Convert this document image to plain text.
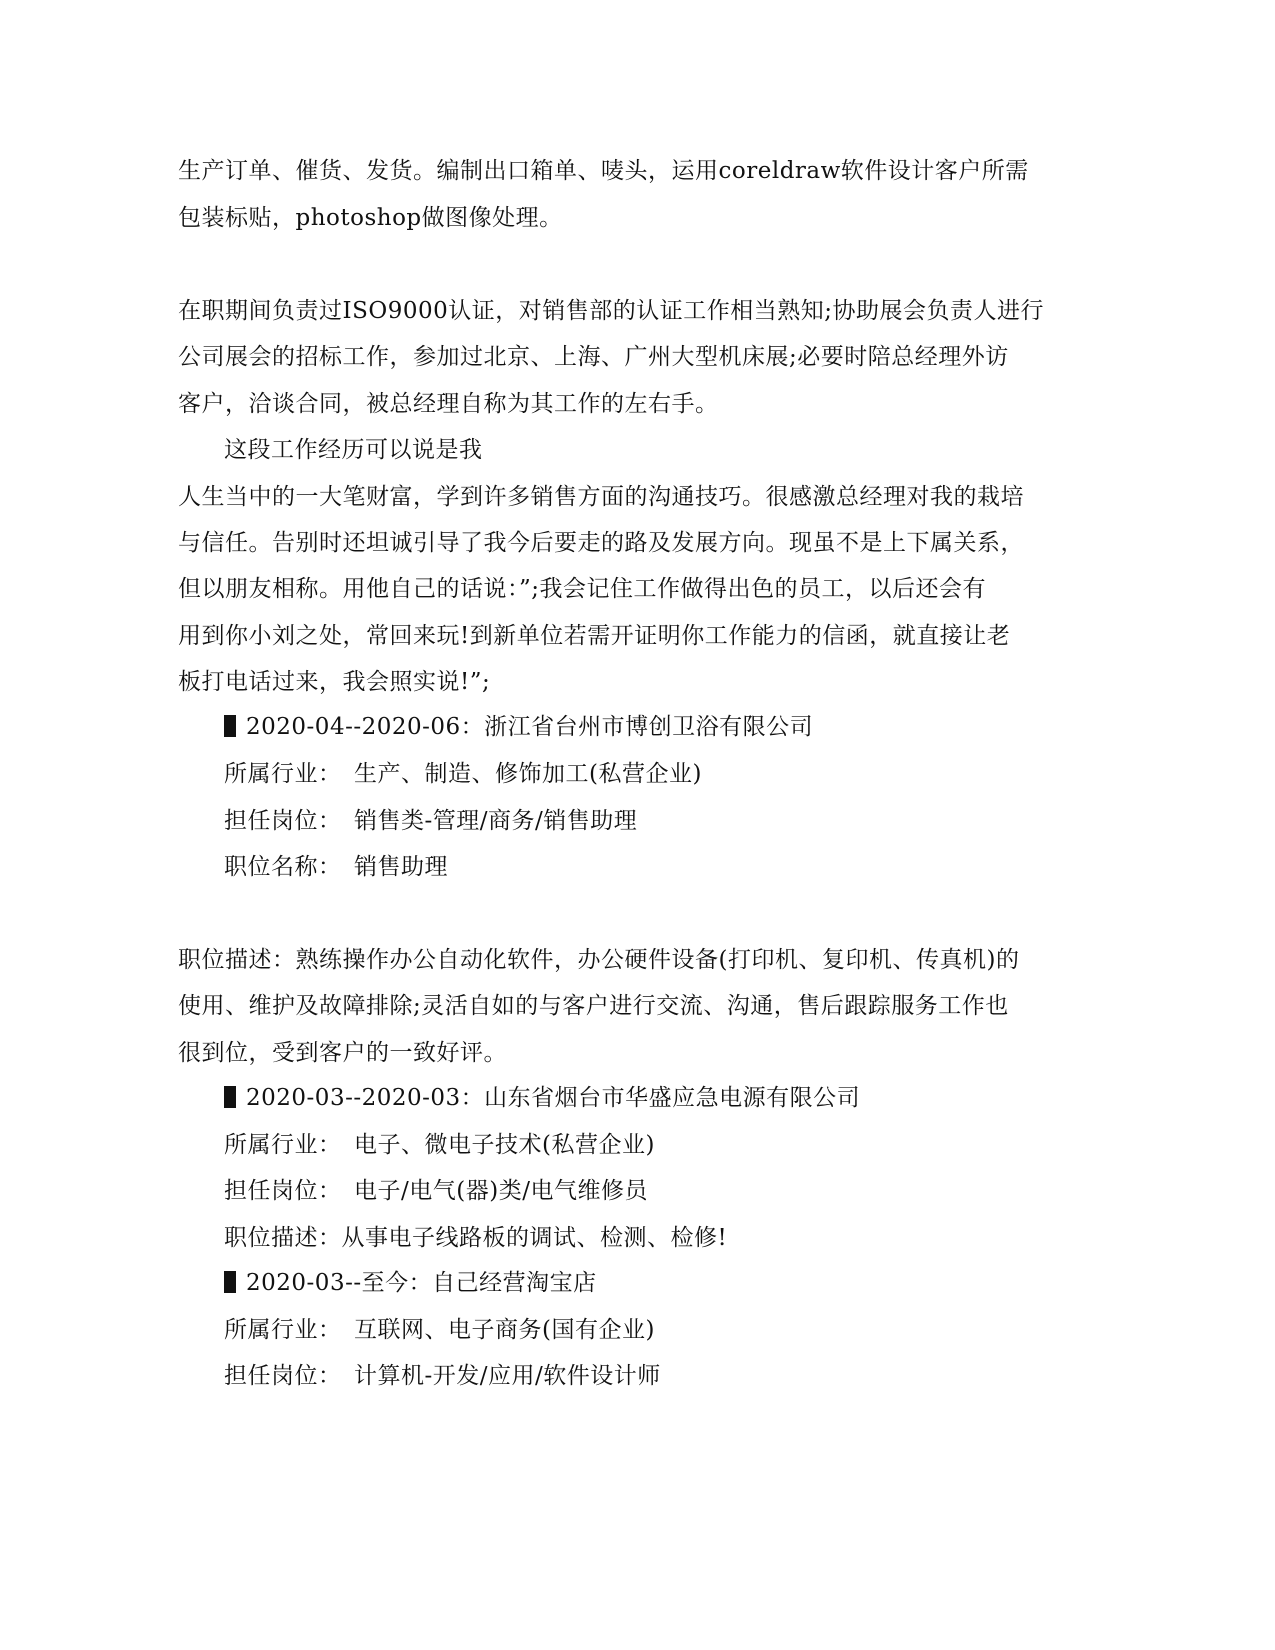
生产订单、催货、发货。编制出口箱单、唛头，运用coreldraw软件设计客户所需
包装标贴，photoshop做图像处理。
在职期间负责过ISO9000认证，对销售部的认证工作相当熟知;协助展会负责人进行
公司展会的招标工作，参加过北京、上海、广州大型机床展;必要时陪总经理外访
客户，洽谈合同，被总经理自称为其工作的左右手。
这段工作经历可以说是我
人生当中的一大笔财富，学到许多销售方面的沟通技巧。很感激总经理对我的栽培
与信任。告别时还坦诚引导了我今后要走的路及发展方向。现虽不是上下属关系，
但以朋友相称。用他自己的话说：”;我会记住工作做得出色的员工，以后还会有
用到你小刘之处，常回来玩!到新单位若需开证明你工作能力的信函，就直接让老
板打电话过来，我会照实说!”;
2020-04--2020-06：浙江省台州市博创卫浴有限公司
所属行业： 生产、制造、修饰加工(私营企业)
担任岗位： 销售类-管理/商务/销售助理
职位名称： 销售助理
职位描述：熟练操作办公自动化软件，办公硬件设备(打印机、复印机、传真机)的
使用、维护及故障排除;灵活自如的与客户进行交流、沟通，售后跟踪服务工作也
很到位，受到客户的一致好评。
2020-03--2020-03：山东省烟台市华盛应急电源有限公司
所属行业： 电子、微电子技术(私营企业)
担任岗位： 电子/电气(器)类/电气维修员
职位描述：从事电子线路板的调试、检测、检修!
2020-03--至今：自己经营淘宝店
所属行业： 互联网、电子商务(国有企业)
担任岗位： 计算机-开发/应用/软件设计师
